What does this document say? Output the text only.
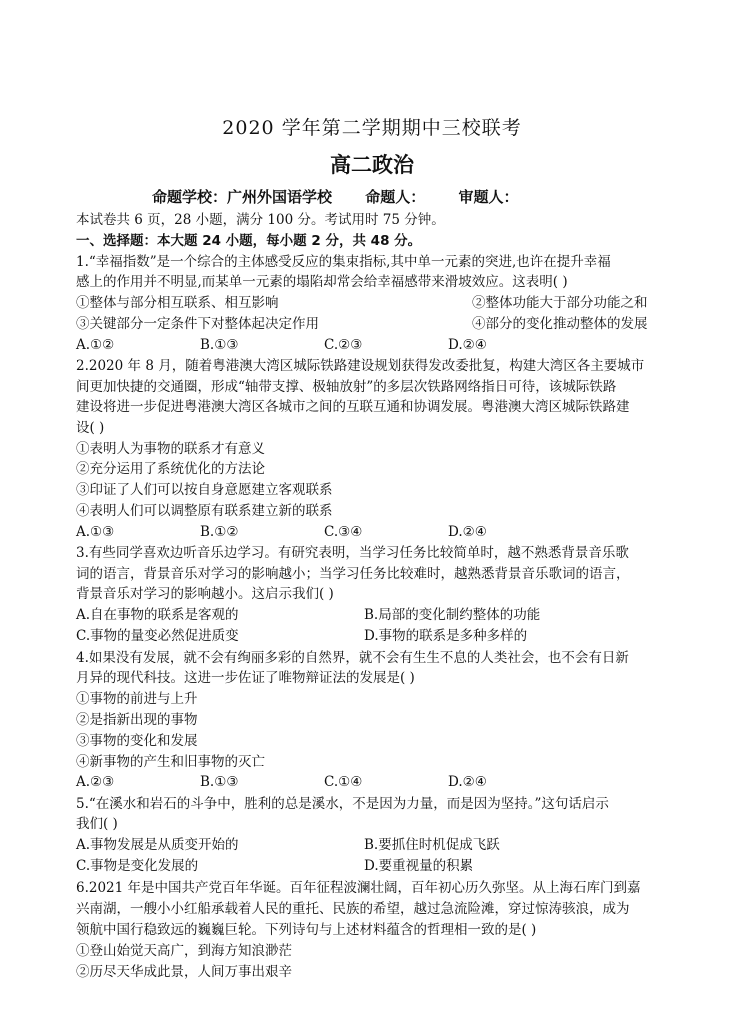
2020 学年第二学期期中三校联考
高二政治
命题学校：广州外国语学校 命题人： 审题人：
本试卷共 6 页，28 小题，满分 100 分。考试用时 75 分钟。
一、选择题：本大题 24 小题，每小题 2 分，共 48 分。
1.“幸福指数”是一个综合的主体感受反应的集束指标,其中单一元素的突进,也许在提升幸福
感上的作用并不明显,而某单一元素的塌陷却常会给幸福感带来滑坡效应。这表明( )
①整体与部分相互联系、相互影响	②整体功能大于部分功能之和
③关键部分一定条件下对整体起决定作用	④部分的变化推动整体的发展
A.①②	B.①③	C.②③	D.②④
2.2020 年 8 月，随着粤港澳大湾区城际铁路建设规划获得发改委批复，构建大湾区各主要城市
间更加快捷的交通圈，形成“轴带支撑、极轴放射”的多层次铁路网络指日可待，该城际铁路
建设将进一步促进粤港澳大湾区各城市之间的互联互通和协调发展。粤港澳大湾区城际铁路建
设( )
①表明人为事物的联系才有意义
②充分运用了系统优化的方法论
③印证了人们可以按自身意愿建立客观联系
④表明人们可以调整原有联系建立新的联系
A.①③	B.①②	C.③④	D.②④
3.有些同学喜欢边听音乐边学习。有研究表明，当学习任务比较简单时，越不熟悉背景音乐歌
词的语言，背景音乐对学习的影响越小；当学习任务比较难时，越熟悉背景音乐歌词的语言，
背景音乐对学习的影响越小。这启示我们( )
A.自在事物的联系是客观的	B.局部的变化制约整体的功能
C.事物的量变必然促进质变	D.事物的联系是多种多样的
4.如果没有发展，就不会有绚丽多彩的自然界，就不会有生生不息的人类社会，也不会有日新
月异的现代科技。这进一步佐证了唯物辩证法的发展是( )
①事物的前进与上升
②是指新出现的事物
③事物的变化和发展
④新事物的产生和旧事物的灭亡
A.②③	B.①③	C.①④	D.②④
5.“在溪水和岩石的斗争中，胜利的总是溪水，不是因为力量，而是因为坚持。”这句话启示
我们( )
A.事物发展是从质变开始的	B.要抓住时机促成飞跃
C.事物是变化发展的	D.要重视量的积累
6.2021 年是中国共产党百年华诞。百年征程波澜壮阔，百年初心历久弥坚。从上海石库门到嘉
兴南湖，一艘小小红船承载着人民的重托、民族的希望，越过急流险滩，穿过惊涛骇浪，成为
领航中国行稳致远的巍巍巨轮。下列诗句与上述材料蕴含的哲理相一致的是( )
①登山始觉天高广，到海方知浪渺茫
②历尽天华成此景，人间万事出艰辛
